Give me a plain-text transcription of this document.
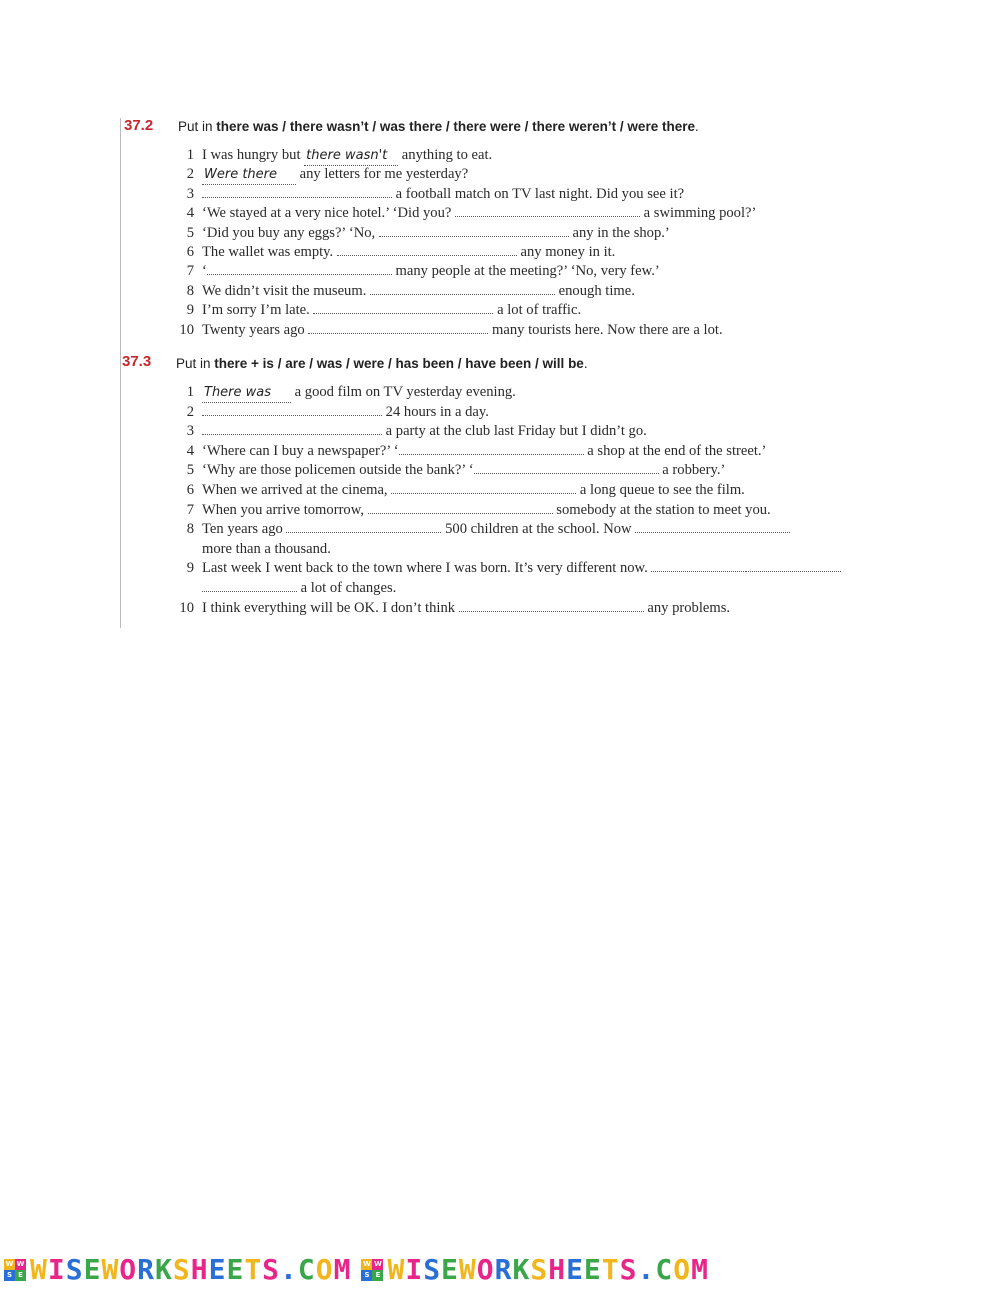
37.2 Put in there was / there wasn’t / was there / there were / there weren’t / were there.
1 I was hungry but there wasn't anything to eat.
2 Were there any letters for me yesterday?
3	a football match on TV last night. Did you see it?
4 ‘We stayed at a very nice hotel.’ ‘Did you?	a swimming pool?’
5 ‘Did you buy any eggs?’ ‘No,	any in the shop.’
6 The wallet was empty.	any money in it.
7 ‘	many people at the meeting?’ ‘No, very few.’
8 We didn’t visit the museum.	enough time.
9 I’m sorry I’m late.	a lot of traffic.
10 Twenty years ago	many tourists here. Now there are a lot.
37.3 Put in there + is / are / was / were / has been / have been / will be.
1 There was a good film on TV yesterday evening.
2	24 hours in a day.
3	a party at the club last Friday but I didn’t go.
4 ‘Where can I buy a newspaper?’ ‘	a shop at the end of the street.’
5 ‘Why are those policemen outside the bank?’ ‘	a robbery.’
6 When we arrived at the cinema,	a long queue to see the film.
7 When you arrive tomorrow,	somebody at the station to meet you.
8 Ten years ago	500 children at the school. Now
more than a thousand.
9 Last week I went back to the town where I was born. It’s very different now.
a lot of changes.
10 I think everything will be OK. I don’t think	any problems.
W W
S E WISEWORKSHEETS.COM W W
S E WISEWORKSHEETS.COM
